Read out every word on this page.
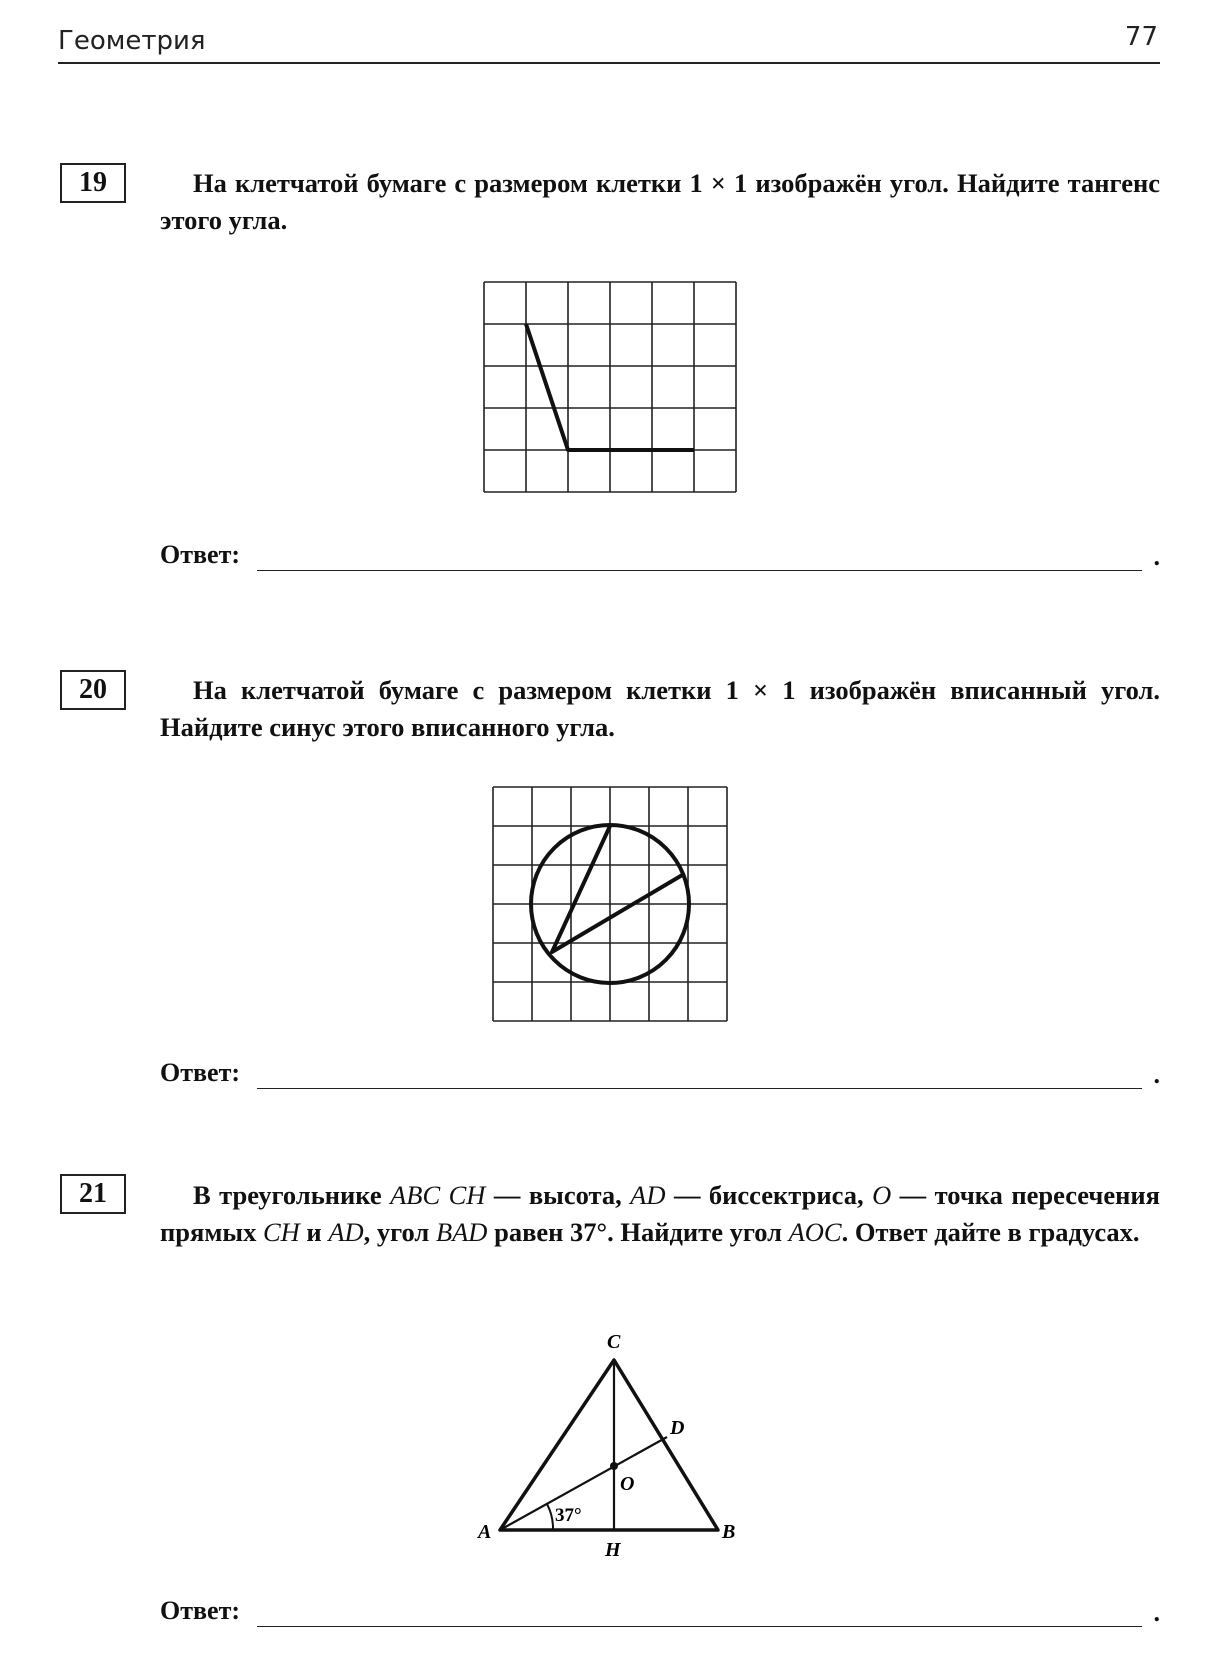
Геометрия	77
19	На клетчатой бумаге с размером клетки 1 × 1 изображён угол. Найдите тангенс этого угла.
Ответ:	.
20	На клетчатой бумаге с размером клетки 1 × 1 изображён вписанный угол. Найдите синус этого вписанного угла.
Ответ:	.
21	В треугольнике ABC CH — высота, AD — биссектриса, O — точка пересечения прямых CH и AD, угол BAD равен 37°. Найдите угол AOC. Ответ дайте в градусах.
C
D
O
A	B
H
37°
Ответ:	.
